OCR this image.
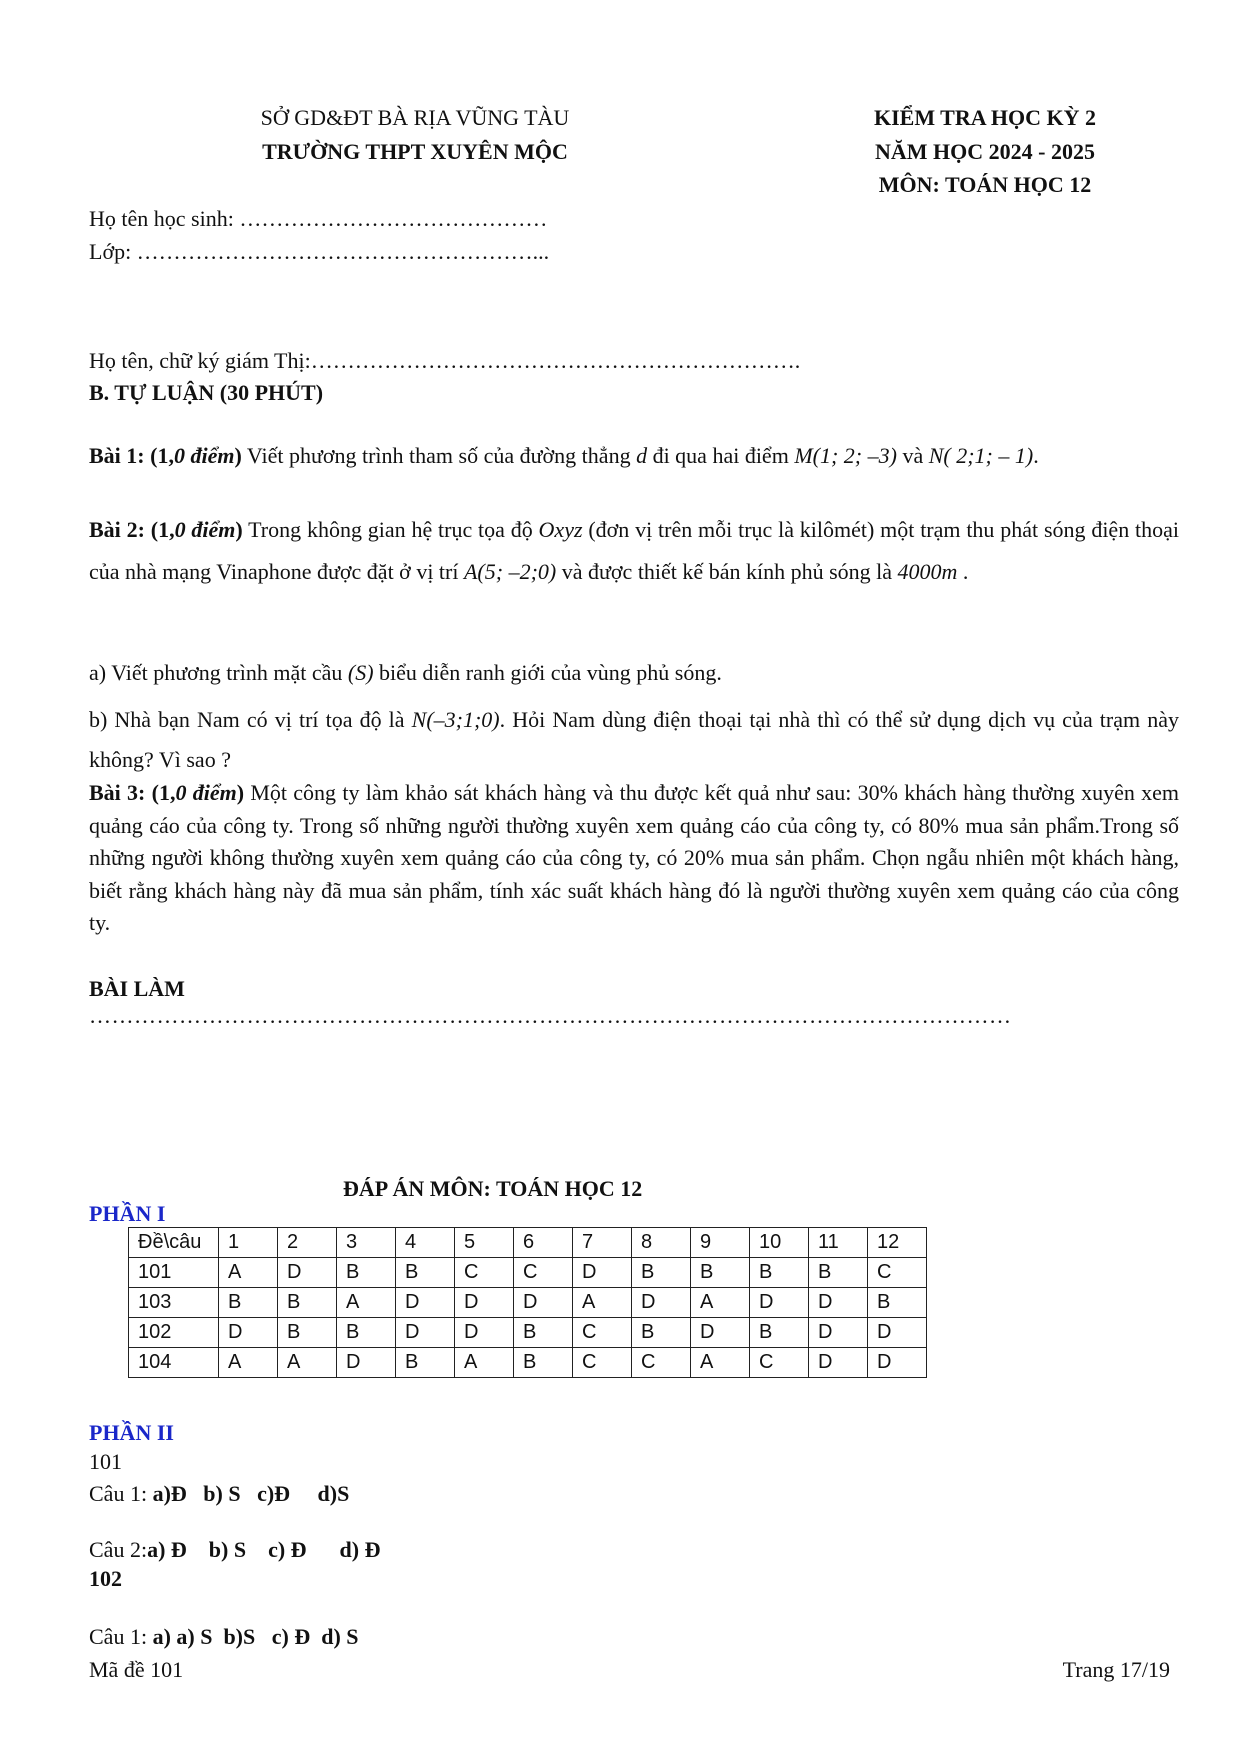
SỞ GD&ĐT BÀ RỊA VŨNG TÀU
TRƯỜNG THPT XUYÊN MỘC
KIỂM TRA HỌC KỲ 2
NĂM HỌC 2024 - 2025
MÔN: TOÁN HỌC 12
Họ tên học sinh: ……………………………………
Lớp: ………………………………………………...
Họ tên, chữ ký giám Thị:………………………………………………………….
B. TỰ LUẬN (30 PHÚT)
Bài 1: (1,0 điểm) Viết phương trình tham số của đường thẳng d đi qua hai điểm M(1; 2; –3) và N( 2;1; – 1).
Bài 2: (1,0 điểm) Trong không gian hệ trục tọa độ Oxyz (đơn vị trên mỗi trục là kilômét) một trạm thu phát sóng điện thoại của nhà mạng Vinaphone được đặt ở vị trí A(5; –2;0) và được thiết kế bán kính phủ sóng là 4000m .
a) Viết phương trình mặt cầu (S) biểu diễn ranh giới của vùng phủ sóng.
b) Nhà bạn Nam có vị trí tọa độ là N(–3;1;0). Hỏi Nam dùng điện thoại tại nhà thì có thể sử dụng dịch vụ của trạm này không? Vì sao ?
Bài 3: (1,0 điểm) Một công ty làm khảo sát khách hàng và thu được kết quả như sau: 30% khách hàng thường xuyên xem quảng cáo của công ty. Trong số những người thường xuyên xem quảng cáo của công ty, có 80% mua sản phẩm.Trong số những người không thường xuyên xem quảng cáo của công ty, có 20% mua sản phẩm. Chọn ngẫu nhiên một khách hàng, biết rằng khách hàng này đã mua sản phẩm, tính xác suất khách hàng đó là người thường xuyên xem quảng cáo của công ty.
BÀI LÀM
……………………………………………………………………………………………………………
ĐÁP ÁN MÔN: TOÁN HỌC 12
PHẦN I
Đề\câu	1	2	3	4	5	6	7	8	9	10	11	12
101	A	D	B	B	C	C	D	B	B	B	B	C
103	B	B	A	D	D	D	A	D	A	D	D	B
102	D	B	B	D	D	B	C	B	D	B	D	D
104	A	A	D	B	A	B	C	C	A	C	D	D
PHẦN II
101
Câu 1: a)Đ   b) S   c)Đ     d)S
Câu 2:a) Đ    b) S    c) Đ      d) Đ
102
Câu 1: a) a) S  b)S   c) Đ  d) S
Mã đề 101	Trang 17/19
